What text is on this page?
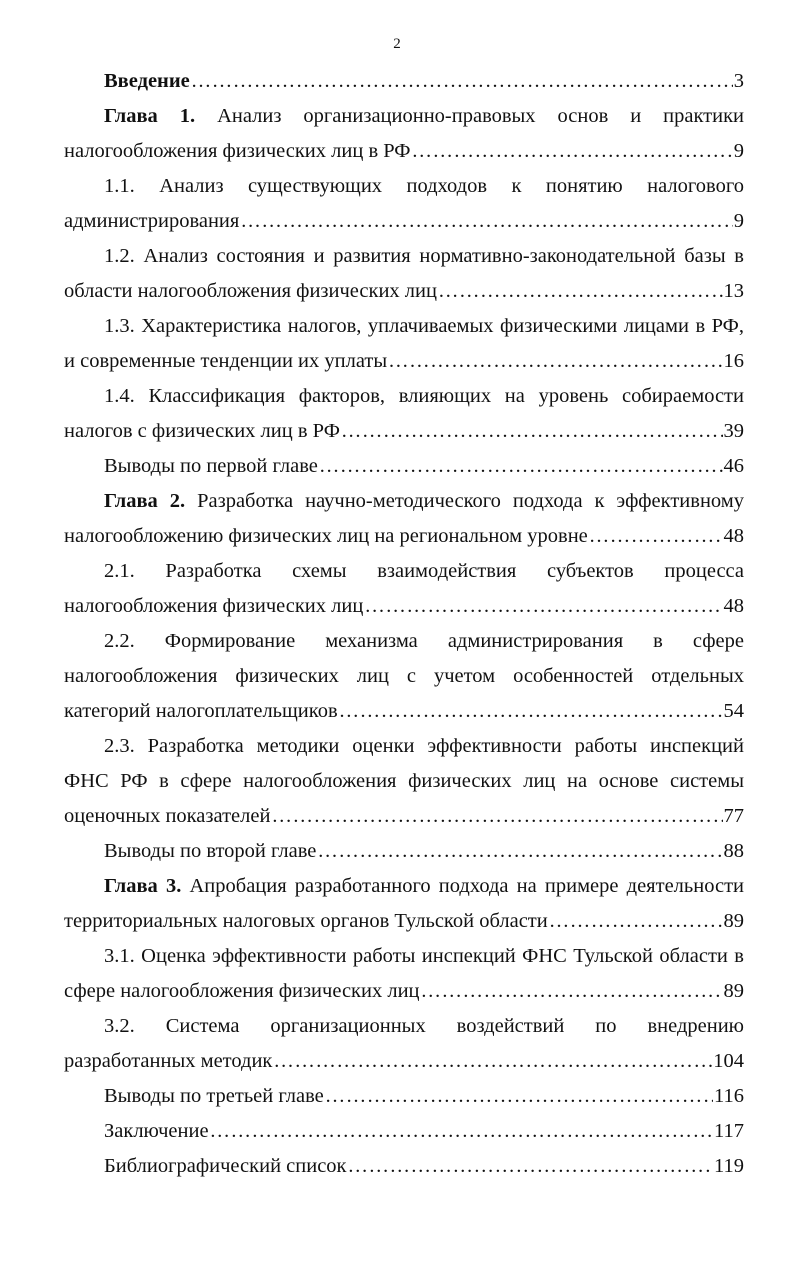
2
Введение ……………………………………………………………………………………………………………………………………………………………………………………………………………………	3
Глава 1. Анализ организационно-правовых основ и практики
налогообложения физических лиц в РФ ……………………………………………………………………………………………………………………………………………………………………………………………………………………	9
1.1. Анализ существующих подходов к понятию налогового
администрирования ……………………………………………………………………………………………………………………………………………………………………………………………………………………	9
1.2. Анализ состояния и развития нормативно-законодательной базы в
области налогообложения физических лиц ……………………………………………………………………………………………………………………………………………………………………………………………………………………	13
1.3. Характеристика налогов, уплачиваемых физическими лицами в РФ,
и современные тенденции их уплаты ……………………………………………………………………………………………………………………………………………………………………………………………………………………	16
1.4. Классификация факторов, влияющих на уровень собираемости
налогов с физических лиц в РФ ……………………………………………………………………………………………………………………………………………………………………………………………………………………	39
Выводы по первой главе ……………………………………………………………………………………………………………………………………………………………………………………………………………………	46
Глава 2. Разработка научно-методического подхода к эффективному
налогообложению физических лиц на региональном уровне ……………………………………………………………………………………………………………………………………………………………………………………………………………………	48
2.1. Разработка схемы взаимодействия субъектов процесса
налогообложения физических лиц ……………………………………………………………………………………………………………………………………………………………………………………………………………………	48
2.2. Формирование механизма администрирования в сфере
налогообложения физических лиц с учетом особенностей отдельных
категорий налогоплательщиков ……………………………………………………………………………………………………………………………………………………………………………………………………………………	54
2.3. Разработка методики оценки эффективности работы инспекций
ФНС РФ в сфере налогообложения физических лиц на основе системы
оценочных показателей ……………………………………………………………………………………………………………………………………………………………………………………………………………………	77
Выводы по второй главе ……………………………………………………………………………………………………………………………………………………………………………………………………………………	88
Глава 3. Апробация разработанного подхода на примере деятельности
территориальных налоговых органов Тульской области ……………………………………………………………………………………………………………………………………………………………………………………………………………………	89
3.1. Оценка эффективности работы инспекций ФНС Тульской области в
сфере налогообложения физических лиц ……………………………………………………………………………………………………………………………………………………………………………………………………………………	89
3.2. Система организационных воздействий по внедрению
разработанных методик ……………………………………………………………………………………………………………………………………………………………………………………………………………………	104
Выводы по третьей главе ……………………………………………………………………………………………………………………………………………………………………………………………………………………	116
Заключение ……………………………………………………………………………………………………………………………………………………………………………………………………………………	117
Библиографический список ……………………………………………………………………………………………………………………………………………………………………………………………………………………	119
